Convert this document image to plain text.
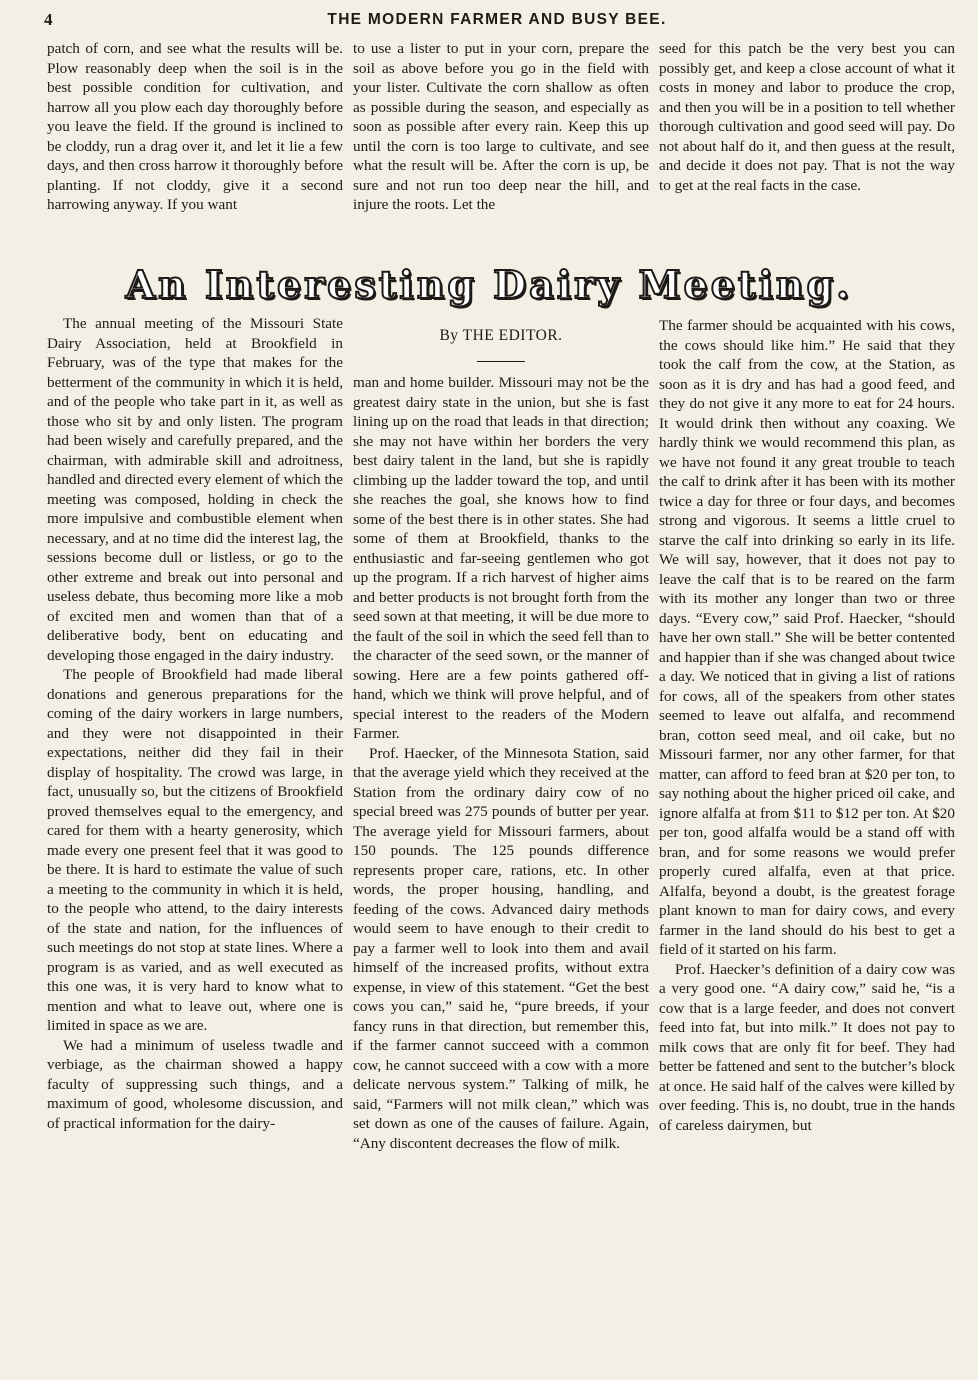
4	THE MODERN FARMER AND BUSY BEE.

patch of corn, and see what the results will be. Plow reasonably deep when the soil is in the best possible condition for cultivation, and harrow all you plow each day thoroughly before you leave the field. If the ground is inclined to be cloddy, run a drag over it, and let it lie a few days, and then cross harrow it thoroughly before planting. If not cloddy, give it a second harrowing anyway. If you want

to use a lister to put in your corn, prepare the soil as above before you go in the field with your lister. Cultivate the corn shallow as often as possible during the season, and especially as soon as possible after every rain. Keep this up until the corn is too large to cultivate, and see what the result will be. After the corn is up, be sure and not run too deep near the hill, and injure the roots. Let the

seed for this patch be the very best you can possibly get, and keep a close account of what it costs in money and labor to produce the crop, and then you will be in a position to tell whether thorough cultivation and good seed will pay. Do not about half do it, and then guess at the result, and decide it does not pay. That is not the way to get at the real facts in the case.

An Interesting Dairy Meeting.

The annual meeting of the Missouri State Dairy Association, held at Brookfield in February, was of the type that makes for the betterment of the community in which it is held, and of the people who take part in it, as well as those who sit by and only listen. The program had been wisely and carefully prepared, and the chairman, with admirable skill and adroitness, handled and directed every element of which the meeting was composed, holding in check the more impulsive and combustible element when necessary, and at no time did the interest lag, the sessions become dull or listless, or go to the other extreme and break out into personal and useless debate, thus becoming more like a mob of excited men and women than that of a deliberative body, bent on educating and developing those engaged in the dairy industry.

The people of Brookfield had made liberal donations and generous preparations for the coming of the dairy workers in large numbers, and they were not disappointed in their expectations, neither did they fail in their display of hospitality. The crowd was large, in fact, unusually so, but the citizens of Brookfield proved themselves equal to the emergency, and cared for them with a hearty generosity, which made every one present feel that it was good to be there. It is hard to estimate the value of such a meeting to the community in which it is held, to the people who attend, to the dairy interests of the state and nation, for the influences of such meetings do not stop at state lines. Where a program is as varied, and as well executed as this one was, it is very hard to know what to mention and what to leave out, where one is limited in space as we are.

We had a minimum of useless twadle and verbiage, as the chairman showed a happy faculty of suppressing such things, and a maximum of good, wholesome discussion, and of practical information for the dairy-

By THE EDITOR.

man and home builder. Missouri may not be the greatest dairy state in the union, but she is fast lining up on the road that leads in that direction; she may not have within her borders the very best dairy talent in the land, but she is rapidly climbing up the ladder toward the top, and until she reaches the goal, she knows how to find some of the best there is in other states. She had some of them at Brookfield, thanks to the enthusiastic and far-seeing gentlemen who got up the program. If a rich harvest of higher aims and better products is not brought forth from the seed sown at that meeting, it will be due more to the fault of the soil in which the seed fell than to the character of the seed sown, or the manner of sowing. Here are a few points gathered off-hand, which we think will prove helpful, and of special interest to the readers of the Modern Farmer.

Prof. Haecker, of the Minnesota Station, said that the average yield which they received at the Station from the ordinary dairy cow of no special breed was 275 pounds of butter per year. The average yield for Missouri farmers, about 150 pounds. The 125 pounds difference represents proper care, rations, etc. In other words, the proper housing, handling, and feeding of the cows. Advanced dairy methods would seem to have enough to their credit to pay a farmer well to look into them and avail himself of the increased profits, without extra expense, in view of this statement. “Get the best cows you can,” said he, “pure breeds, if your fancy runs in that direction, but remember this, if the farmer cannot succeed with a common cow, he cannot succeed with a cow with a more delicate nervous system.” Talking of milk, he said, “Farmers will not milk clean,” which was set down as one of the causes of failure. Again, “Any discontent decreases the flow of milk.

The farmer should be acquainted with his cows, the cows should like him.” He said that they took the calf from the cow, at the Station, as soon as it is dry and has had a good feed, and they do not give it any more to eat for 24 hours. It would drink then without any coaxing. We hardly think we would recommend this plan, as we have not found it any great trouble to teach the calf to drink after it has been with its mother twice a day for three or four days, and becomes strong and vigorous. It seems a little cruel to starve the calf into drinking so early in its life. We will say, however, that it does not pay to leave the calf that is to be reared on the farm with its mother any longer than two or three days. “Every cow,” said Prof. Haecker, “should have her own stall.” She will be better contented and happier than if she was changed about twice a day. We noticed that in giving a list of rations for cows, all of the speakers from other states seemed to leave out alfalfa, and recommend bran, cotton seed meal, and oil cake, but no Missouri farmer, nor any other farmer, for that matter, can afford to feed bran at $20 per ton, to say nothing about the higher priced oil cake, and ignore alfalfa at from $11 to $12 per ton. At $20 per ton, good alfalfa would be a stand off with bran, and for some reasons we would prefer properly cured alfalfa, even at that price. Alfalfa, beyond a doubt, is the greatest forage plant known to man for dairy cows, and every farmer in the land should do his best to get a field of it started on his farm.

Prof. Haecker’s definition of a dairy cow was a very good one. “A dairy cow,” said he, “is a cow that is a large feeder, and does not convert feed into fat, but into milk.” It does not pay to milk cows that are only fit for beef. They had better be fattened and sent to the butcher’s block at once. He said half of the calves were killed by over feeding. This is, no doubt, true in the hands of careless dairymen, but
